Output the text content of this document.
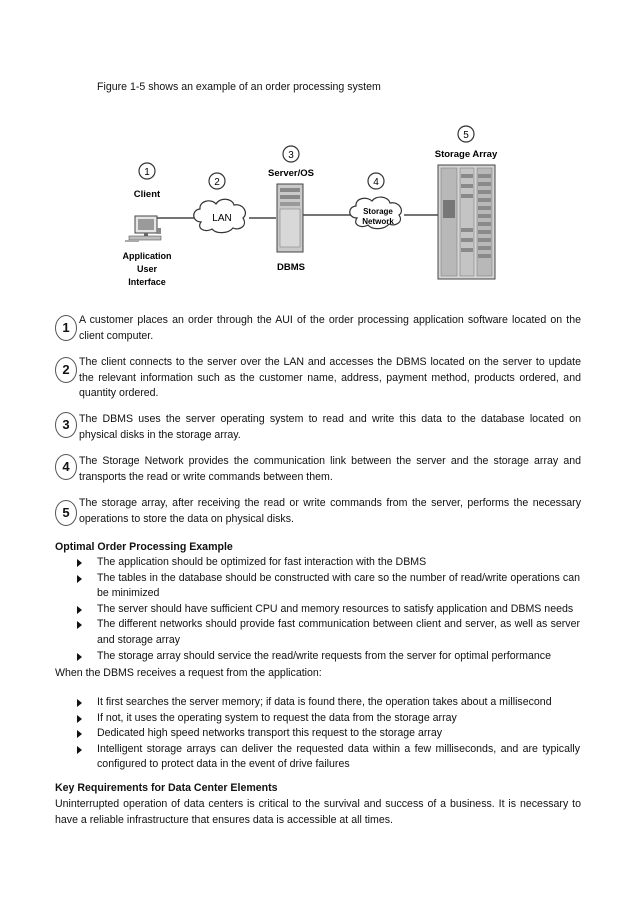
Figure 1-5 shows an example of an order processing system
1
Client
Application
User
Interface
2
LAN
3
Server/OS
DBMS
4
Storage
Network
5
Storage Array
1 A customer places an order through the AUI of the order processing application software located on the client computer.
2 The client connects to the server over the LAN and accesses the DBMS located on the server to update the relevant information such as the customer name, address, payment method, products ordered, and quantity ordered.
3 The DBMS uses the server operating system to read and write this data to the database located on physical disks in the storage array.
4 The Storage Network provides the communication link between the server and the storage array and transports the read or write commands between them.
5
The storage array, after receiving the read or write commands from the server, performs the necessary operations to store the data on physical disks.
Optimal Order Processing Example
The application should be optimized for fast interaction with the DBMS
The tables in the database should be constructed with care so the number of read/write operations can be minimized
The server should have sufficient CPU and memory resources to satisfy application and DBMS needs
The different networks should provide fast communication between client and server, as well as server and storage array
The storage array should service the read/write requests from the server for optimal performance
When the DBMS receives a request from the application:
It first searches the server memory; if data is found there, the operation takes about a millisecond
If not, it uses the operating system to request the data from the storage array
Dedicated high speed networks transport this request to the storage array
Intelligent storage arrays can deliver the requested data within a few milliseconds, and are typically configured to protect data in the event of drive failures
Key Requirements for Data Center Elements
Uninterrupted operation of data centers is critical to the survival and success of a business. It is necessary to have a reliable infrastructure that ensures data is accessible at all times.
